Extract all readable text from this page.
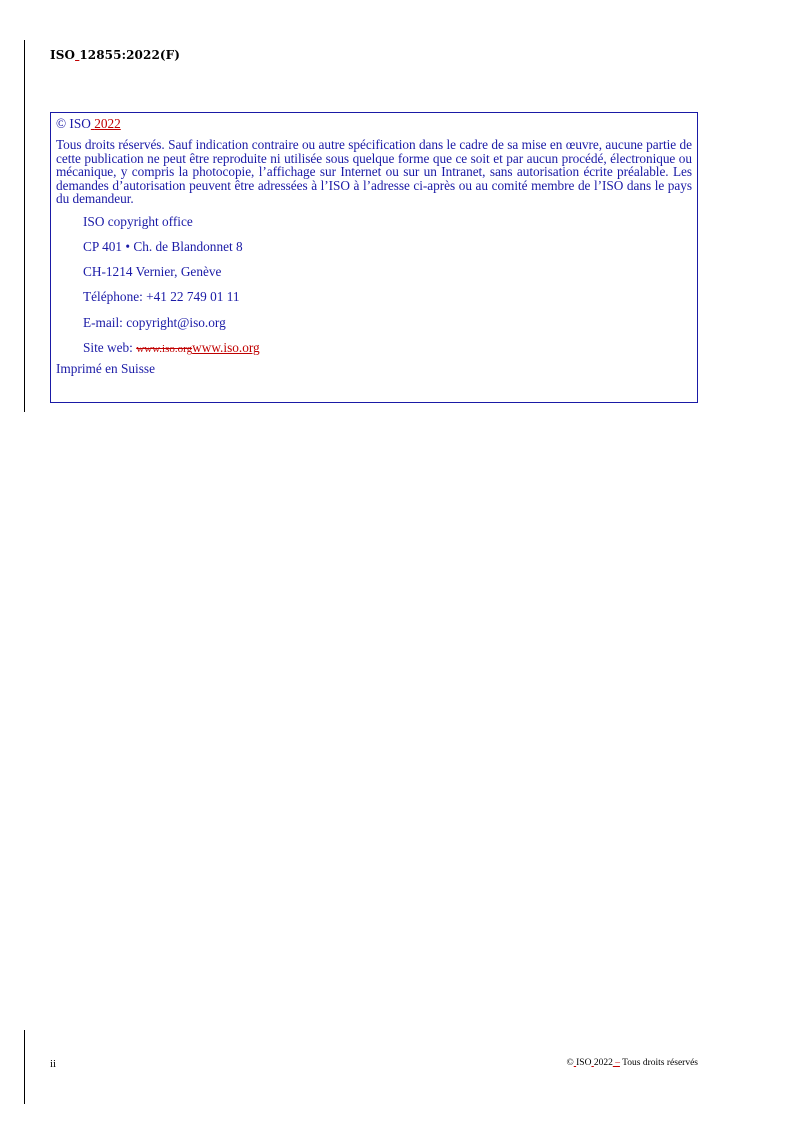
ISO 12855:2022(F)
© ISO 2022

Tous droits réservés. Sauf indication contraire ou autre spécification dans le cadre de sa mise en œuvre, aucune partie de cette publication ne peut être reproduite ni utilisée sous quelque forme que ce soit et par aucun procédé, électronique ou mécanique, y compris la photocopie, l’affichage sur Internet ou sur un Intranet, sans autorisation écrite préalable. Les demandes d’autorisation peuvent être adressées à l’ISO à l’adresse ci-après ou au comité membre de l’ISO dans le pays du demandeur.

ISO copyright office
CP 401 • Ch. de Blandonnet 8
CH-1214 Vernier, Genève
Téléphone: +41 22 749 01 11
E-mail: copyright@iso.org
Site web: www.iso.orgwww.iso.org
Imprimé en Suisse
ii	© ISO 2022 – Tous droits réservés
